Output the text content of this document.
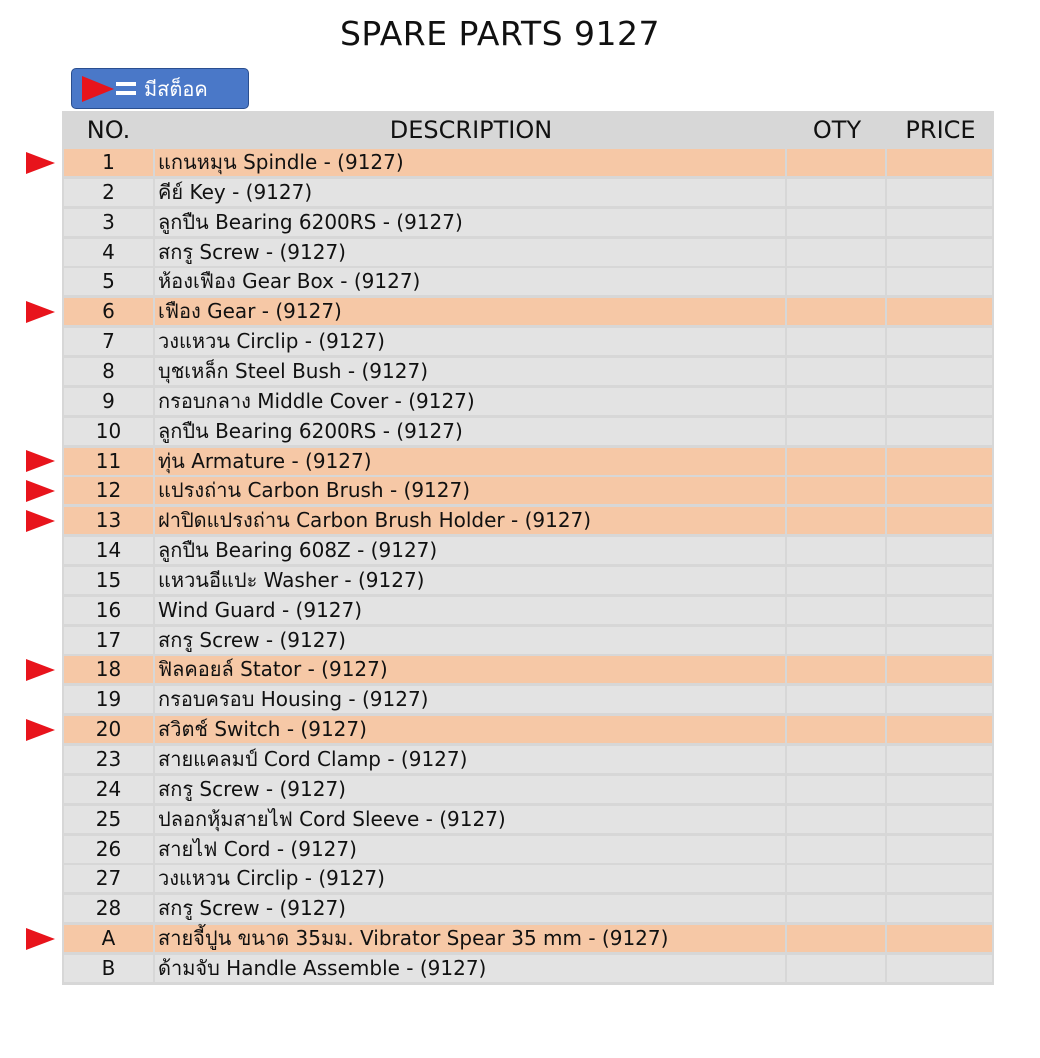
SPARE PARTS 9127
มีสต็อค
NO.	DESCRIPTION	OTY	PRICE
1	แกนหมุน Spindle - (9127)
2	คีย์ Key - (9127)
3	ลูกปืน Bearing 6200RS - (9127)
4	สกรู Screw - (9127)
5	ห้องเฟือง Gear Box - (9127)
6	เฟือง Gear - (9127)
7	วงแหวน Circlip - (9127)
8	บุชเหล็ก Steel Bush - (9127)
9	กรอบกลาง Middle Cover - (9127)
10	ลูกปืน Bearing 6200RS - (9127)
11	ทุ่น Armature - (9127)
12	แปรงถ่าน Carbon Brush - (9127)
13	ฝาปิดแปรงถ่าน Carbon Brush Holder - (9127)
14	ลูกปืน Bearing 608Z - (9127)
15	แหวนอีแปะ Washer - (9127)
16	Wind Guard - (9127)
17	สกรู Screw - (9127)
18	ฟิลคอยล์ Stator - (9127)
19	กรอบครอบ Housing - (9127)
20	สวิตช์ Switch - (9127)
23	สายแคลมป์ Cord Clamp - (9127)
24	สกรู Screw - (9127)
25	ปลอกหุ้มสายไฟ Cord Sleeve - (9127)
26	สายไฟ Cord - (9127)
27	วงแหวน Circlip - (9127)
28	สกรู Screw - (9127)
A	สายจี้ปูน ขนาด 35มม. Vibrator Spear 35 mm - (9127)
B	ด้ามจับ Handle Assemble - (9127)
